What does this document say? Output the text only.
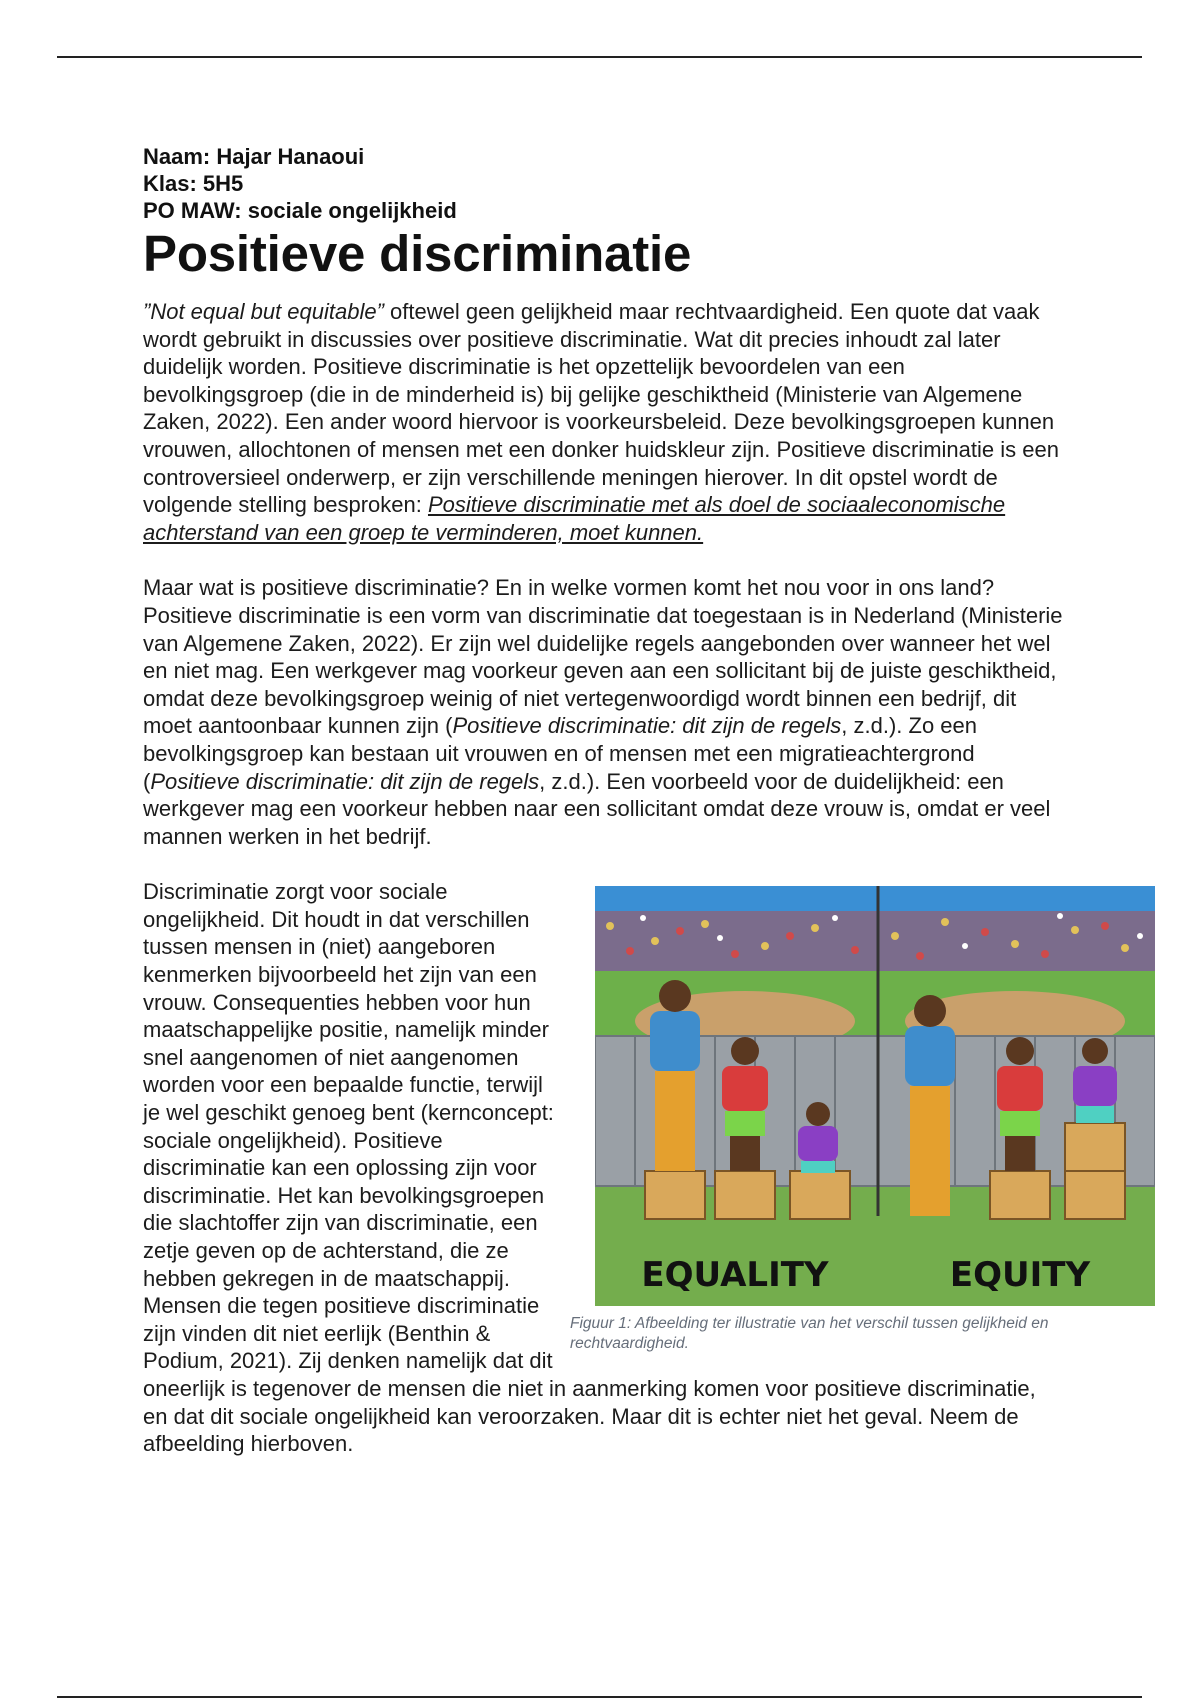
Naam: Hajar Hanaoui
Klas: 5H5
PO MAW: sociale ongelijkheid
Positieve discriminatie

”Not equal but equitable” oftewel geen gelijkheid maar rechtvaardigheid. Een quote dat vaak wordt gebruikt in discussies over positieve discriminatie. Wat dit precies inhoudt zal later duidelijk worden. Positieve discriminatie is het opzettelijk bevoordelen van een bevolkingsgroep (die in de minderheid is) bij gelijke geschiktheid (Ministerie van Algemene Zaken, 2022). Een ander woord hiervoor is voorkeursbeleid. Deze bevolkingsgroepen kunnen vrouwen, allochtonen of mensen met een donker huidskleur zijn. Positieve discriminatie is een controversieel onderwerp, er zijn verschillende meningen hierover. In dit opstel wordt de volgende stelling besproken: Positieve discriminatie met als doel de sociaaleconomische achterstand van een groep te verminderen, moet kunnen.

Maar wat is positieve discriminatie? En in welke vormen komt het nou voor in ons land? Positieve discriminatie is een vorm van discriminatie dat toegestaan is in Nederland (Ministerie van Algemene Zaken, 2022). Er zijn wel duidelijke regels aangebonden over wanneer het wel en niet mag. Een werkgever mag voorkeur geven aan een sollicitant bij de juiste geschiktheid, omdat deze bevolkingsgroep weinig of niet vertegenwoordigd wordt binnen een bedrijf, dit moet aantoonbaar kunnen zijn (Positieve discriminatie: dit zijn de regels, z.d.). Zo een bevolkingsgroep kan bestaan uit vrouwen en of mensen met een migratieachtergrond (Positieve discriminatie: dit zijn de regels, z.d.). Een voorbeeld voor de duidelijkheid: een werkgever mag een voorkeur hebben naar een sollicitant omdat deze vrouw is, omdat er veel mannen werken in het bedrijf.

EQUALITY	EQUITY

Figuur 1: Afbeelding ter illustratie van het verschil tussen gelijkheid en rechtvaardigheid.

Discriminatie zorgt voor sociale ongelijkheid. Dit houdt in dat verschillen tussen mensen in (niet) aangeboren kenmerken bijvoorbeeld het zijn van een vrouw. Consequenties hebben voor hun maatschappelijke positie, namelijk minder snel aangenomen of niet aangenomen worden voor een bepaalde functie, terwijl je wel geschikt genoeg bent (kernconcept: sociale ongelijkheid). Positieve discriminatie kan een oplossing zijn voor discriminatie. Het kan bevolkingsgroepen die slachtoffer zijn van discriminatie, een zetje geven op de achterstand, die ze hebben gekregen in de maatschappij. Mensen die tegen positieve discriminatie zijn vinden dit niet eerlijk (Benthin & Podium, 2021). Zij denken namelijk dat dit oneerlijk is tegenover de mensen die niet in aanmerking komen voor positieve discriminatie, en dat dit sociale ongelijkheid kan veroorzaken. Maar dit is echter niet het geval. Neem de afbeelding hierboven.
